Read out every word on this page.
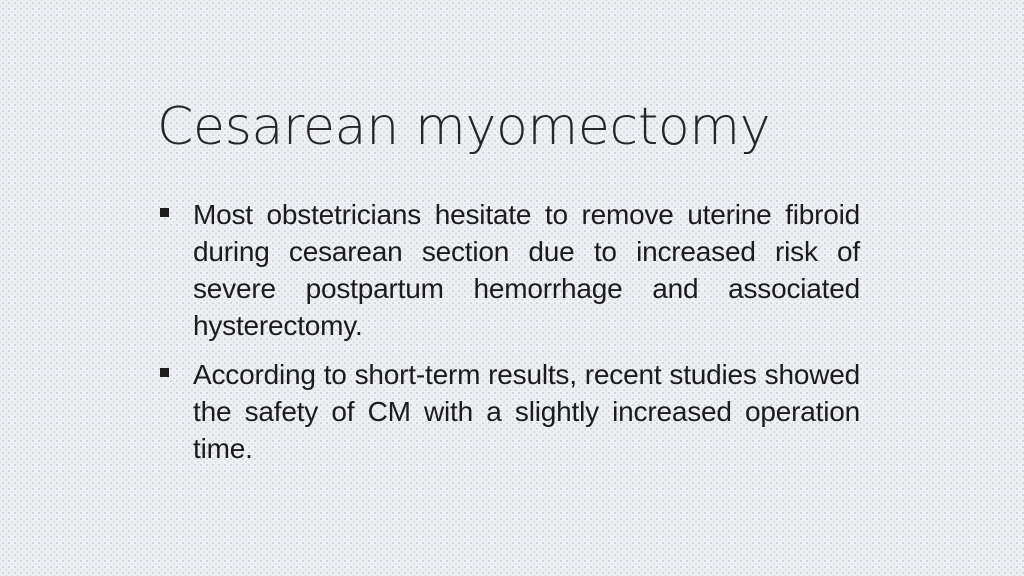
Cesarean myomectomy

Most obstetricians hesitate to remove uterine fibroid during cesarean section due to increased risk of severe postpartum hemorrhage and associated hysterectomy.

According to short-term results, recent studies showed the safety of CM with a slightly increased operation time.
